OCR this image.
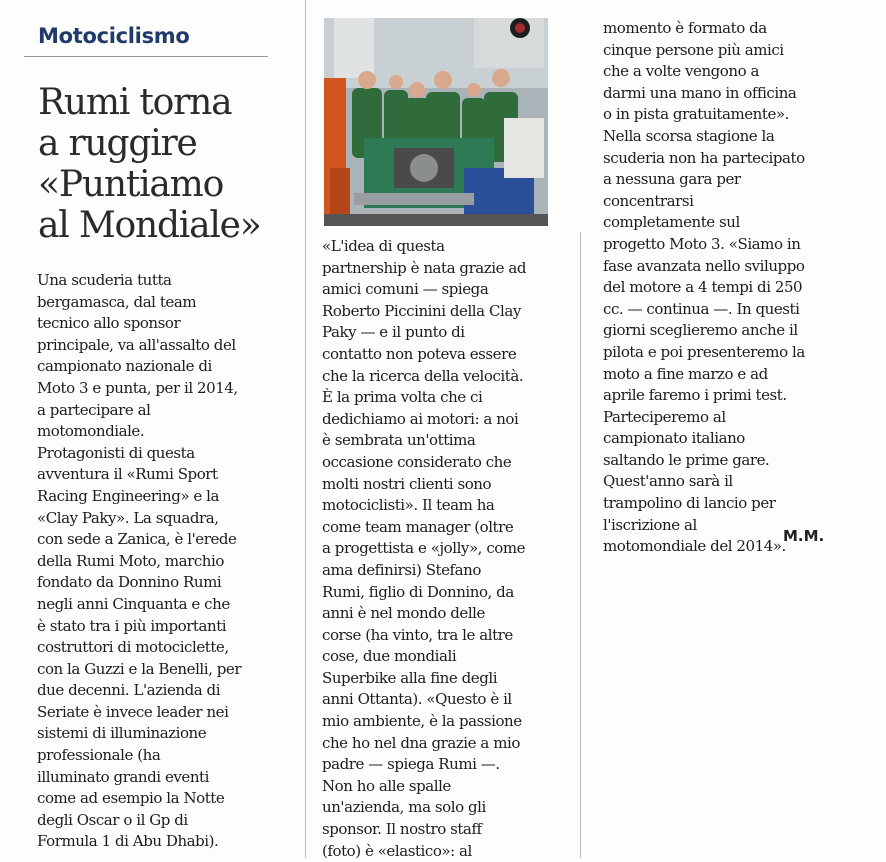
Motociclismo
Rumi torna
a ruggire
«Puntiamo
al Mondiale»
Una scuderia tutta
bergamasca, dal team
tecnico allo sponsor
principale, va all'assalto del
campionato nazionale di
Moto 3 e punta, per il 2014,
a partecipare al
motomondiale.
Protagonisti di questa
avventura il «Rumi Sport
Racing Engineering» e la
«Clay Paky». La squadra,
con sede a Zanica, è l'erede
della Rumi Moto, marchio
fondato da Donnino Rumi
negli anni Cinquanta e che
è stato tra i più importanti
costruttori di motociclette,
con la Guzzi e la Benelli, per
due decenni. L'azienda di
Seriate è invece leader nei
sistemi di illuminazione
professionale (ha
illuminato grandi eventi
come ad esempio la Notte
degli Oscar o il Gp di
Formula 1 di Abu Dhabi).
«L'idea di questa
partnership è nata grazie ad
amici comuni — spiega
Roberto Piccinini della Clay
Paky — e il punto di
contatto non poteva essere
che la ricerca della velocità.
È la prima volta che ci
dedichiamo ai motori: a noi
è sembrata un'ottima
occasione considerato che
molti nostri clienti sono
motociclisti». Il team ha
come team manager (oltre
a progettista e «jolly», come
ama definirsi) Stefano
Rumi, figlio di Donnino, da
anni è nel mondo delle
corse (ha vinto, tra le altre
cose, due mondiali
Superbike alla fine degli
anni Ottanta). «Questo è il
mio ambiente, è la passione
che ho nel dna grazie a mio
padre — spiega Rumi —.
Non ho alle spalle
un'azienda, ma solo gli
sponsor. Il nostro staff
(foto) è «elastico»: al
momento è formato da
cinque persone più amici
che a volte vengono a
darmi una mano in officina
o in pista gratuitamente».
Nella scorsa stagione la
scuderia non ha partecipato
a nessuna gara per
concentrarsi
completamente sul
progetto Moto 3. «Siamo in
fase avanzata nello sviluppo
del motore a 4 tempi di 250
cc. — continua —. In questi
giorni sceglieremo anche il
pilota e poi presenteremo la
moto a fine marzo e ad
aprile faremo i primi test.
Parteciperemo al
campionato italiano
saltando le prime gare.
Quest'anno sarà il
trampolino di lancio per
l'iscrizione al
motomondiale del 2014».
M.M.
